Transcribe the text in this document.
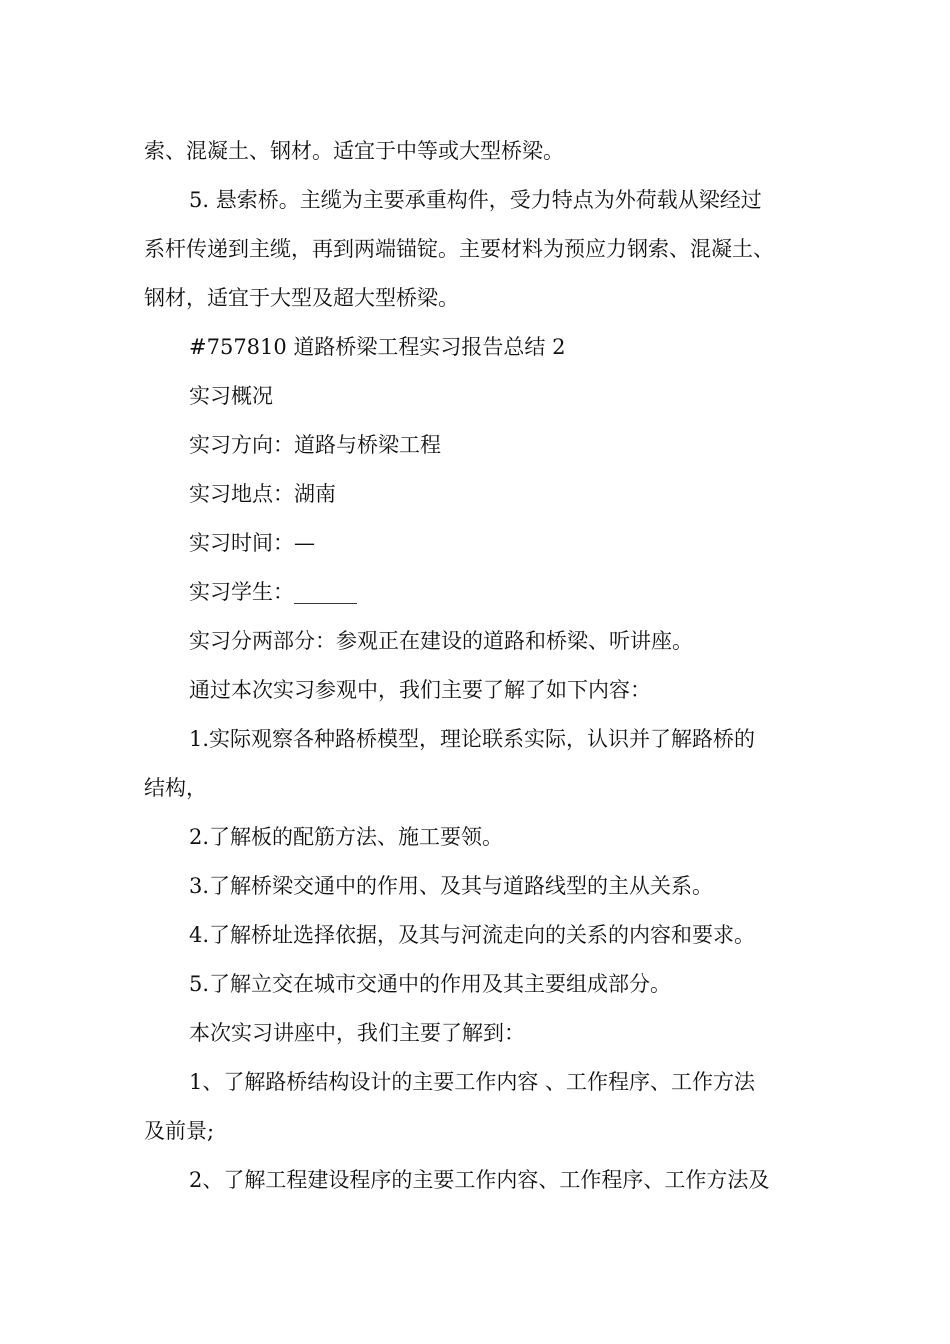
索、混凝土、钢材。适宜于中等或大型桥梁。

5. 悬索桥。主缆为主要承重构件，受力特点为外荷载从梁经过

系杆传递到主缆，再到两端锚锭。主要材料为预应力钢索、混凝土、

钢材，适宜于大型及超大型桥梁。

#757810 道路桥梁工程实习报告总结 2

实习概况

实习方向：道路与桥梁工程

实习地点：湖南

实习时间：—

实习学生：______

实习分两部分：参观正在建设的道路和桥梁、听讲座。

通过本次实习参观中，我们主要了解了如下内容：

1.实际观察各种路桥模型，理论联系实际，认识并了解路桥的

结构，

2.了解板的配筋方法、施工要领。

3.了解桥梁交通中的作用、及其与道路线型的主从关系。

4.了解桥址选择依据，及其与河流走向的关系的内容和要求。

5.了解立交在城市交通中的作用及其主要组成部分。

本次实习讲座中，我们主要了解到：

1、了解路桥结构设计的主要工作内容 、工作程序、工作方法

及前景;

2、了解工程建设程序的主要工作内容、工作程序、工作方法及
